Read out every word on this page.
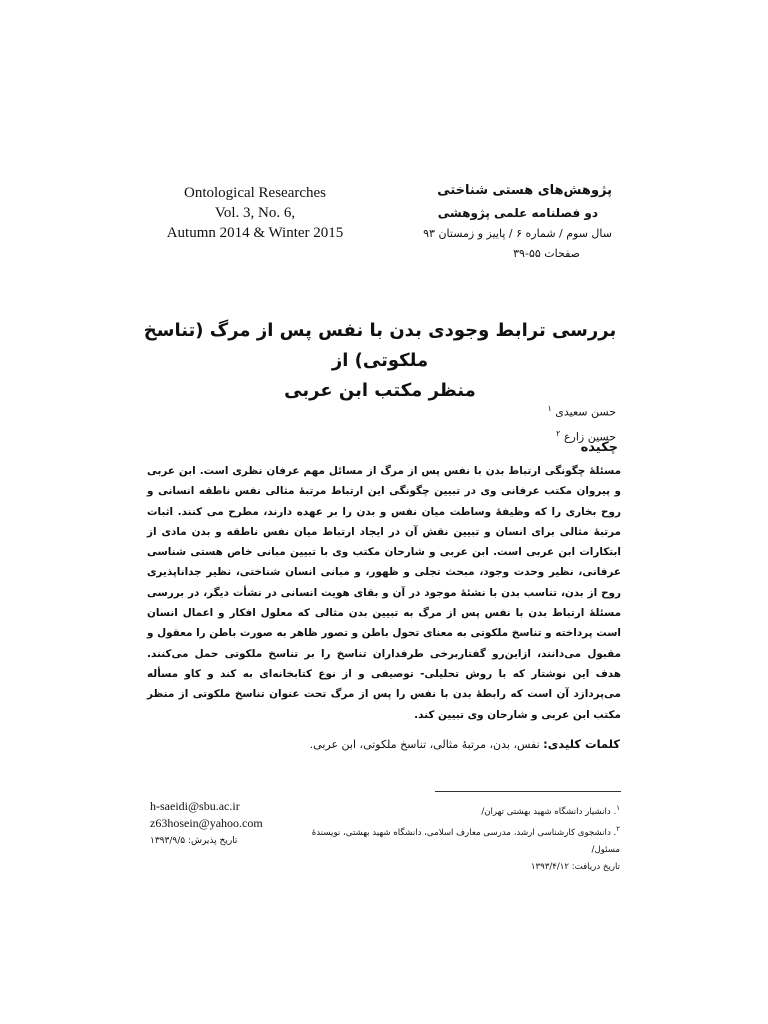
Ontological Researches
Vol. 3, No. 6,
Autumn 2014 & Winter 2015
پژوهش‌های هستی شناختی
دو فصلنامه علمی پژوهشی
سال سوم / شماره ۶ / پاییز و زمستان ۹۳
صفحات ۵۵-۳۹
بررسی ترابط وجودی بدن با نفس پس از مرگ (تناسخ ملکوتی) از
منظر مکتب ابن عربی
حسن سعیدی $^۱$
حسین زارع $^۲$
چکیده
مسئلهٔ چگونگی ارتباط بدن با نفس پس از مرگ از مسائل مهم عرفان نظری است. ابن عربی و پیروان مکتب عرفانی وی در تبیین چگونگی این ارتباط مرتبهٔ مثالی نفس ناطقه انسانی و روح بخاری را که وظیفهٔ وساطت میان نفس و بدن را بر عهده دارند، مطرح می کنند. اثبات مرتبهٔ مثالی برای انسان و تبیین نقش آن در ایجاد ارتباط میان نفس ناطقه و بدن مادی از ابتکارات ابن عربی است. ابن عربی و شارحان مکتب وی با تبیین مبانی خاص هستی شناسی عرفانی، نظیر وحدت وجود، مبحث تجلی و ظهور، و مبانی انسان شناختی، نظیر جداناپذیری روح از بدن، تناسب بدن با نشئهٔ موجود در آن و بقای هویت انسانی در نشأت دیگر، در بررسی مسئلهٔ ارتباط بدن با نفس پس از مرگ به تبیین بدن مثالی که معلول افکار و اعمال انسان است پرداخته و تناسخ ملکوتی به معنای تحول باطن و تصور ظاهر به صورت باطن را معقول و مقبول می‌دانند، ازاین‌رو گفتاربرخی طرفداران تناسخ را بر تناسخ ملکوتی حمل می‌کنند. هدف این نوشتار که با روش تحلیلی- توصیفی و از نوع کتابخانه‌ای به کند و کاو مسأله می‌پردازد آن است که رابطهٔ بدن با نفس را پس از مرگ تحت عنوان تناسخ ملکوتی از منظر مکتب ابن عربی و شارحان وی تبیین کند.
کلمات کلیدی: نفس، بدن، مرتبهٔ مثالی، تناسخ ملکوتی، ابن عربی.
h-saeidi@sbu.ac.ir
z63hosein@yahoo.com
تاریخ پذیرش: ۱۳۹۳/۹/۵
$^۱$. دانشیار دانشگاه شهید بهشتی تهران/
$^۲$. دانشجوی کارشناسی ارشد، مدرسی معارف اسلامی، دانشگاه شهید بهشتی، نویسندهٔ مسئول/
تاریخ دریافت: ۱۳۹۳/۴/۱۲
